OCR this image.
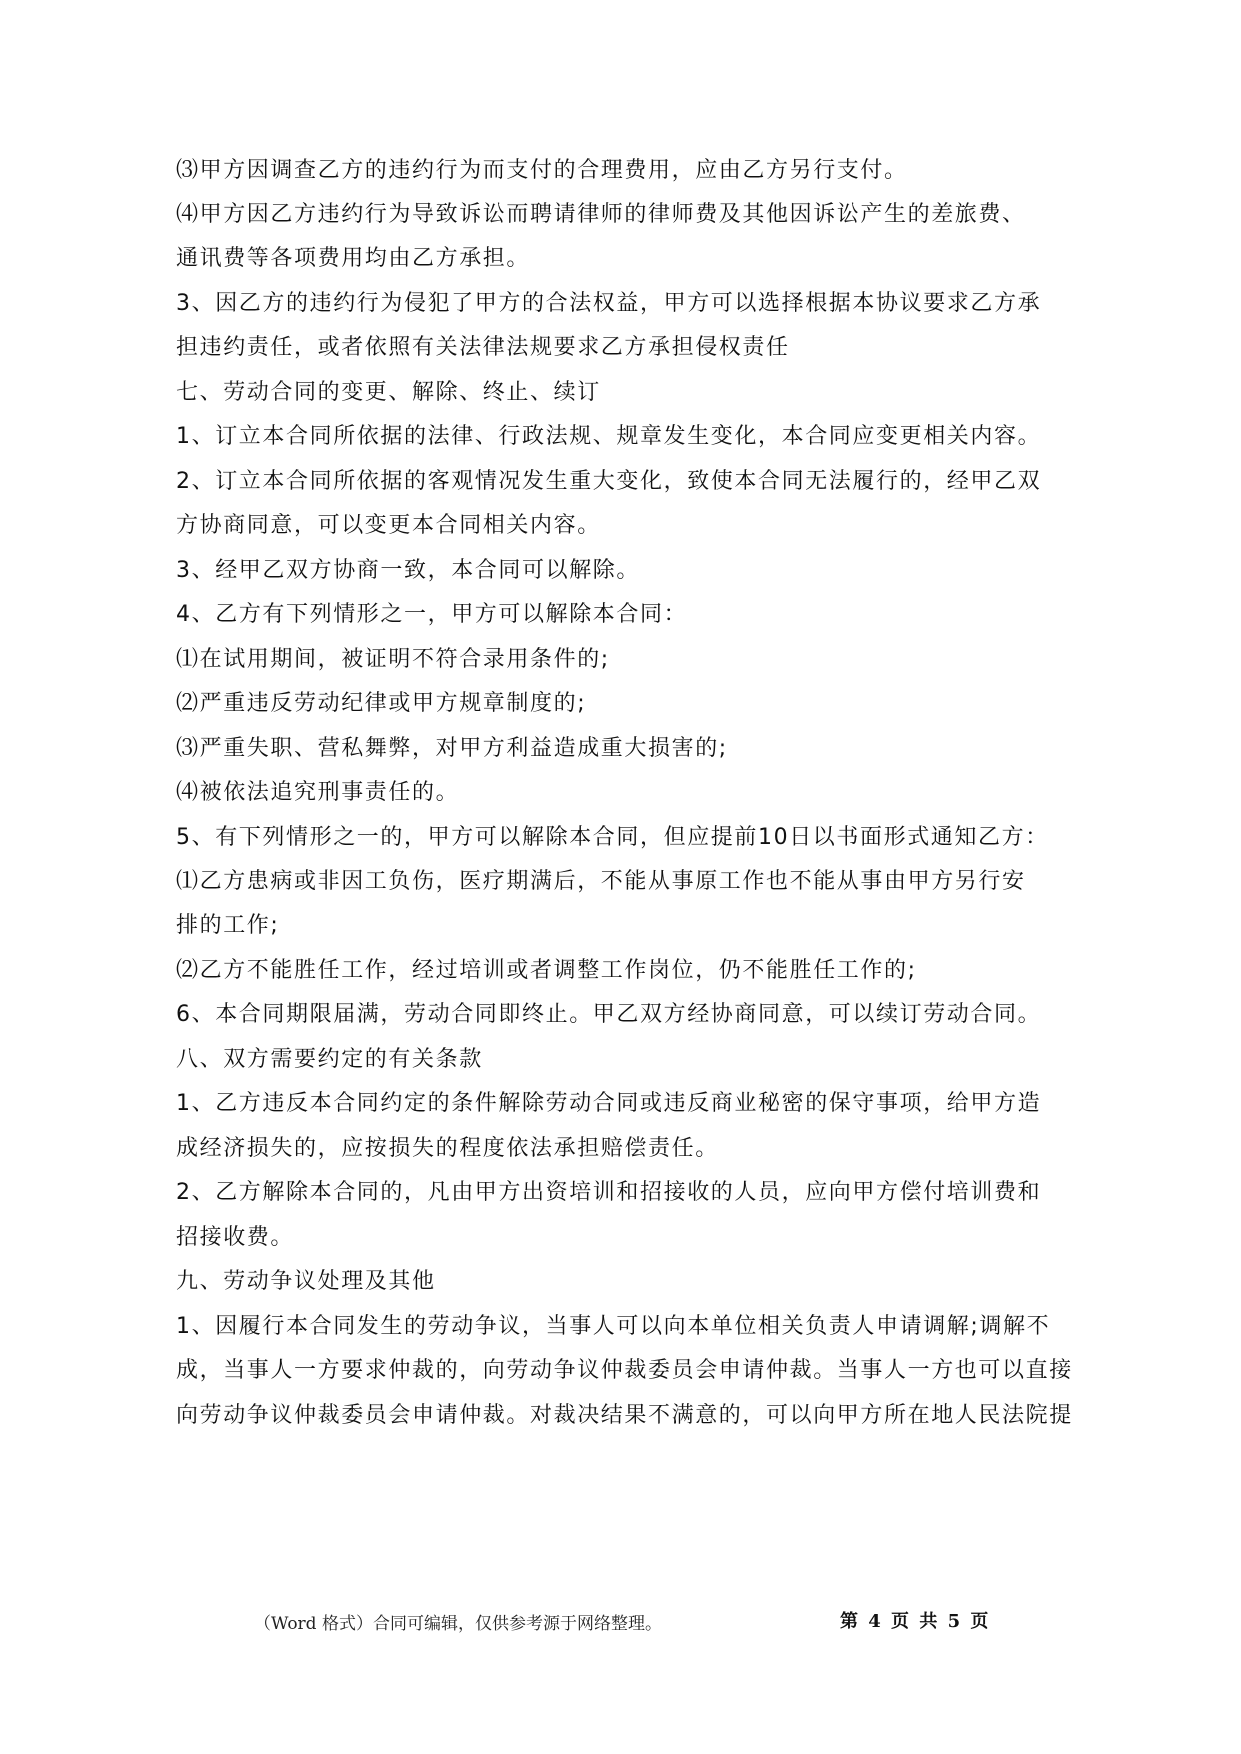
⑶甲方因调查乙方的违约行为而支付的合理费用，应由乙方另行支付。
⑷甲方因乙方违约行为导致诉讼而聘请律师的律师费及其他因诉讼产生的差旅费、
通讯费等各项费用均由乙方承担。
3、因乙方的违约行为侵犯了甲方的合法权益，甲方可以选择根据本协议要求乙方承
担违约责任，或者依照有关法律法规要求乙方承担侵权责任
七、劳动合同的变更、解除、终止、续订
1、订立本合同所依据的法律、行政法规、规章发生变化，本合同应变更相关内容。
2、订立本合同所依据的客观情况发生重大变化，致使本合同无法履行的，经甲乙双
方协商同意，可以变更本合同相关内容。
3、经甲乙双方协商一致，本合同可以解除。
4、乙方有下列情形之一，甲方可以解除本合同：
⑴在试用期间，被证明不符合录用条件的;
⑵严重违反劳动纪律或甲方规章制度的;
⑶严重失职、营私舞弊，对甲方利益造成重大损害的;
⑷被依法追究刑事责任的。
5、有下列情形之一的，甲方可以解除本合同，但应提前10日以书面形式通知乙方：
⑴乙方患病或非因工负伤，医疗期满后，不能从事原工作也不能从事由甲方另行安
排的工作;
⑵乙方不能胜任工作，经过培训或者调整工作岗位，仍不能胜任工作的;
6、本合同期限届满，劳动合同即终止。甲乙双方经协商同意，可以续订劳动合同。
八、双方需要约定的有关条款
1、乙方违反本合同约定的条件解除劳动合同或违反商业秘密的保守事项，给甲方造
成经济损失的，应按损失的程度依法承担赔偿责任。
2、乙方解除本合同的，凡由甲方出资培训和招接收的人员，应向甲方偿付培训费和
招接收费。
九、劳动争议处理及其他
1、因履行本合同发生的劳动争议，当事人可以向本单位相关负责人申请调解;调解不
成，当事人一方要求仲裁的，向劳动争议仲裁委员会申请仲裁。当事人一方也可以直接
向劳动争议仲裁委员会申请仲裁。对裁决结果不满意的，可以向甲方所在地人民法院提
（Word 格式）合同可编辑，仅供参考源于网络整理。	第 4 页 共 5 页
